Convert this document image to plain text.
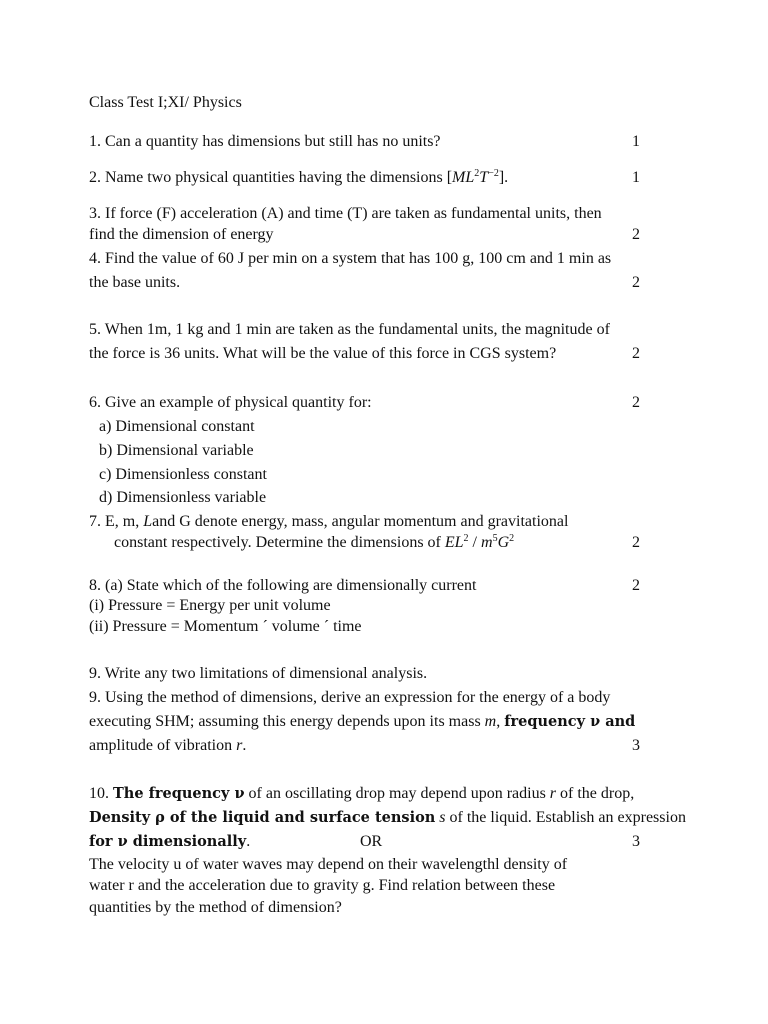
Class Test I;XI/ Physics
1. Can a quantity has dimensions but still has no units?	1
2. Name two physical quantities having the dimensions $[ML^2T^{-2}]$.	1
3. If force (F) acceleration (A) and time (T) are taken as fundamental units, then
find the dimension of energy	2
4. Find the value of 60 J per min on a system that has 100 g, 100 cm and 1 min as
the base units.	2
5. When 1m, 1 kg and 1 min are taken as the fundamental units, the magnitude of
the force is 36 units. What will be the value of this force in CGS system?	2
6. Give an example of physical quantity for:	2
a) Dimensional constant
b) Dimensional variable
c) Dimensionless constant
d) Dimensionless variable
7. E, m, Land G denote energy, mass, angular momentum and gravitational
constant respectively. Determine the dimensions of $EL^2 / m^5G^2$	2
8. (a) State which of the following are dimensionally current	2
(i) Pressure = Energy per unit volume
(ii) Pressure = Momentum ´ volume ´ time
9. Write any two limitations of dimensional analysis.
9. Using the method of dimensions, derive an expression for the energy of a body
executing SHM; assuming this energy depends upon its mass m, frequency ν and
amplitude of vibration r.	3
10. The frequency ν of an oscillating drop may depend upon radius r of the drop,
Density ρ of the liquid and surface tension s of the liquid. Establish an expression
for ν dimensionally.	OR	3
The velocity u of water waves may depend on their wavelengthl density of
water r and the acceleration due to gravity g. Find relation between these
quantities by the method of dimension?
